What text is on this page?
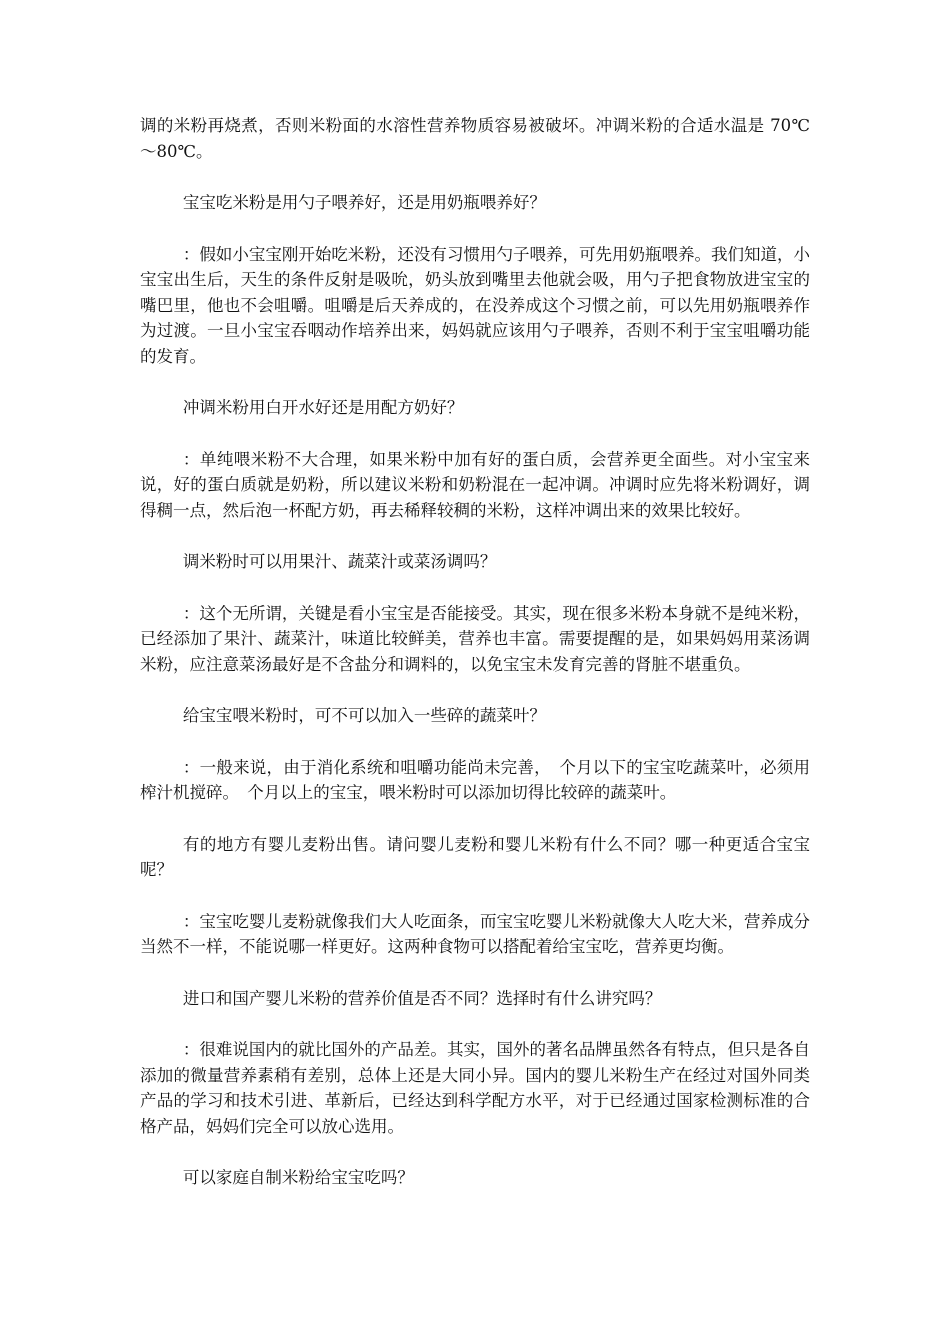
调的米粉再烧煮，否则米粉面的水溶性营养物质容易被破坏。冲调米粉的合适水温是 70℃～80℃。

宝宝吃米粉是用勺子喂养好，还是用奶瓶喂养好？

：假如小宝宝刚开始吃米粉，还没有习惯用勺子喂养，可先用奶瓶喂养。我们知道，小宝宝出生后，天生的条件反射是吸吮，奶头放到嘴里去他就会吸，用勺子把食物放进宝宝的嘴巴里，他也不会咀嚼。咀嚼是后天养成的，在没养成这个习惯之前，可以先用奶瓶喂养作为过渡。一旦小宝宝吞咽动作培养出来，妈妈就应该用勺子喂养，否则不利于宝宝咀嚼功能的发育。

冲调米粉用白开水好还是用配方奶好？

：单纯喂米粉不大合理，如果米粉中加有好的蛋白质，会营养更全面些。对小宝宝来说，好的蛋白质就是奶粉，所以建议米粉和奶粉混在一起冲调。冲调时应先将米粉调好，调得稠一点，然后泡一杯配方奶，再去稀释较稠的米粉，这样冲调出来的效果比较好。

调米粉时可以用果汁、蔬菜汁或菜汤调吗？

：这个无所谓，关键是看小宝宝是否能接受。其实，现在很多米粉本身就不是纯米粉，已经添加了果汁、蔬菜汁，味道比较鲜美，营养也丰富。需要提醒的是，如果妈妈用菜汤调米粉，应注意菜汤最好是不含盐分和调料的，以免宝宝未发育完善的肾脏不堪重负。

给宝宝喂米粉时，可不可以加入一些碎的蔬菜叶？

：一般来说，由于消化系统和咀嚼功能尚未完善，　个月以下的宝宝吃蔬菜叶，必须用榨汁机搅碎。　个月以上的宝宝，喂米粉时可以添加切得比较碎的蔬菜叶。

有的地方有婴儿麦粉出售。请问婴儿麦粉和婴儿米粉有什么不同？哪一种更适合宝宝呢？

：宝宝吃婴儿麦粉就像我们大人吃面条，而宝宝吃婴儿米粉就像大人吃大米，营养成分当然不一样，不能说哪一样更好。这两种食物可以搭配着给宝宝吃，营养更均衡。

进口和国产婴儿米粉的营养价值是否不同？选择时有什么讲究吗？

：很难说国内的就比国外的产品差。其实，国外的著名品牌虽然各有特点，但只是各自添加的微量营养素稍有差别，总体上还是大同小异。国内的婴儿米粉生产在经过对国外同类产品的学习和技术引进、革新后，已经达到科学配方水平，对于已经通过国家检测标准的合格产品，妈妈们完全可以放心选用。

可以家庭自制米粉给宝宝吃吗？
